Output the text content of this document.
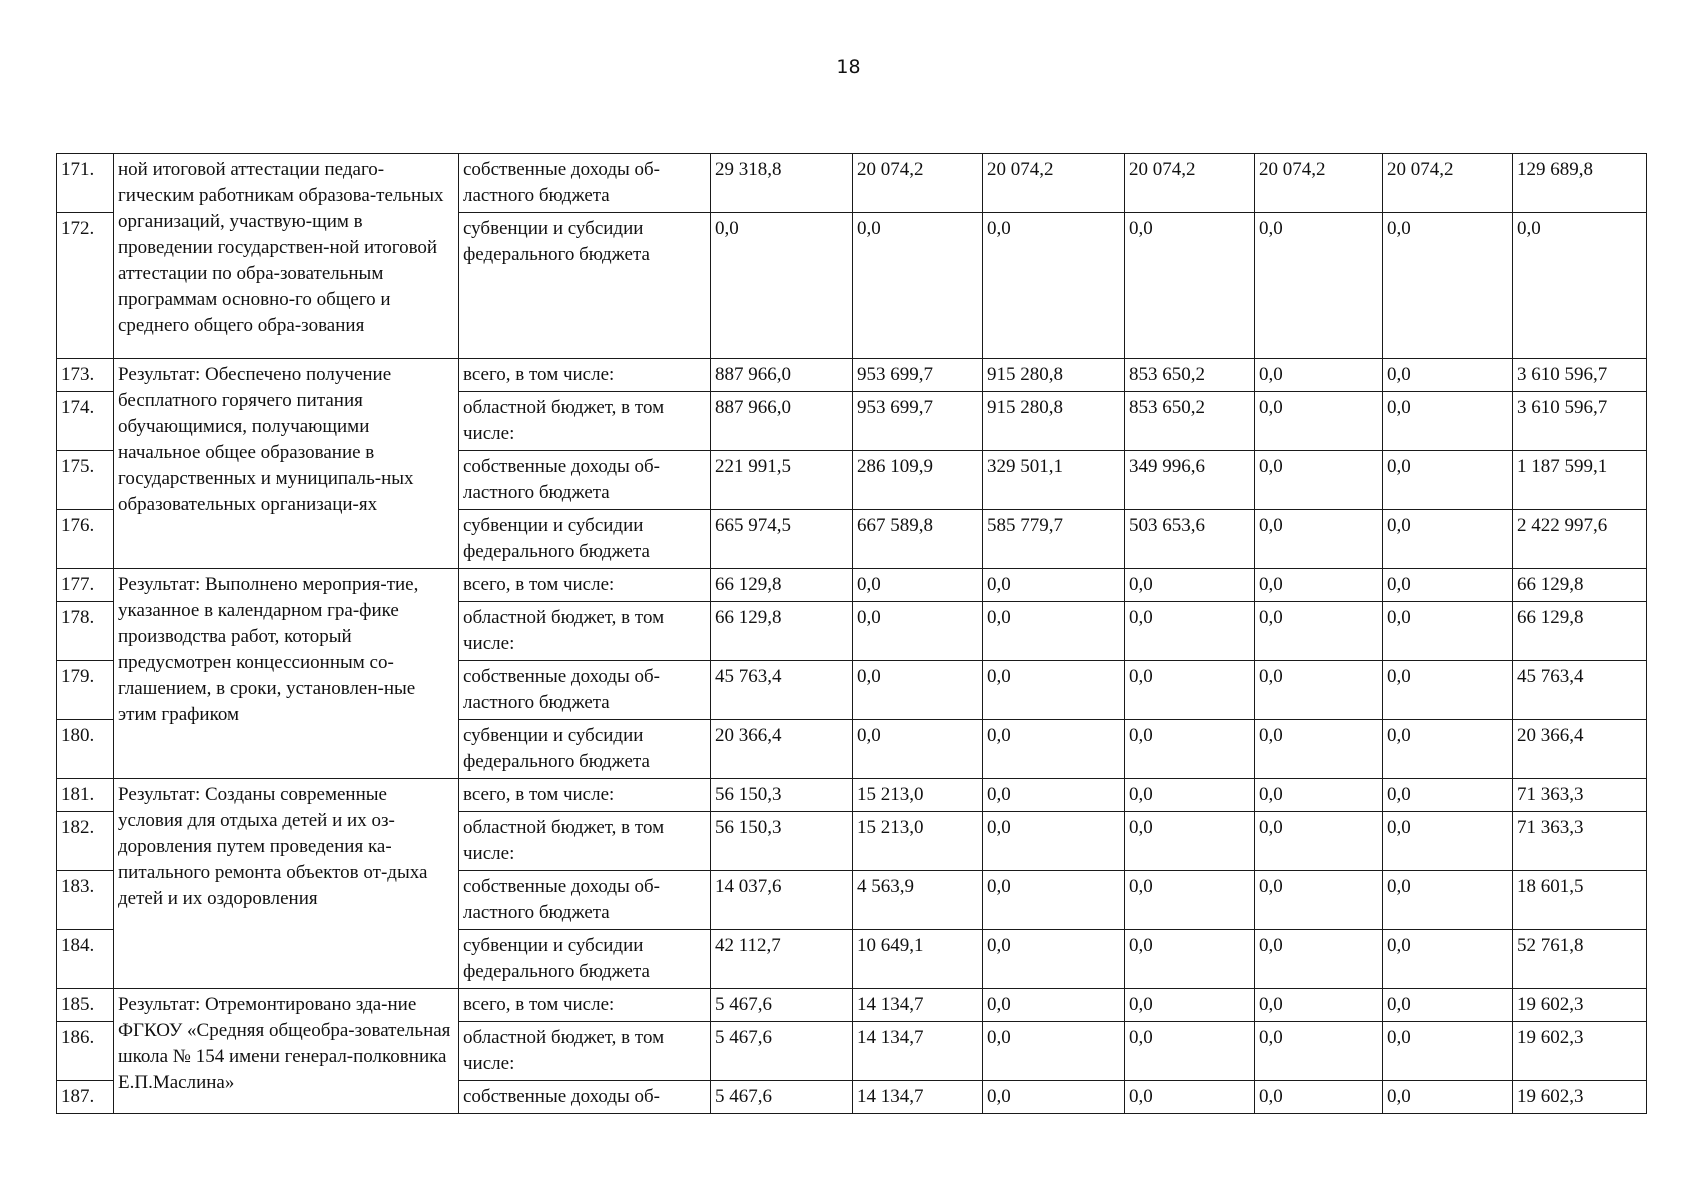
18
171.	ной итоговой аттестации педаго-гическим работникам образова-тельных организаций, участвую-щим в проведении государствен-ной итоговой аттестации по обра-зовательным программам основно-го общего и среднего общего обра-зования	собственные доходы об-ластного бюджета	29 318,8	20 074,2	20 074,2	20 074,2	20 074,2	20 074,2	129 689,8
172.		субвенции и субсидии федерального бюджета	0,0	0,0	0,0	0,0	0,0	0,0	0,0
173.	Результат: Обеспечено получение бесплатного горячего питания обучающимися, получающими начальное общее образование в государственных и муниципаль-ных образовательных организаци-ях	всего, в том числе:	887 966,0	953 699,7	915 280,8	853 650,2	0,0	0,0	3 610 596,7
174.		областной бюджет, в том числе:	887 966,0	953 699,7	915 280,8	853 650,2	0,0	0,0	3 610 596,7
175.		собственные доходы об-ластного бюджета	221 991,5	286 109,9	329 501,1	349 996,6	0,0	0,0	1 187 599,1
176.		субвенции и субсидии федерального бюджета	665 974,5	667 589,8	585 779,7	503 653,6	0,0	0,0	2 422 997,6
177.	Результат: Выполнено мероприя-тие, указанное в календарном гра-фике производства работ, который предусмотрен концессионным со-глашением, в сроки, установлен-ные этим графиком	всего, в том числе:	66 129,8	0,0	0,0	0,0	0,0	0,0	66 129,8
178.		областной бюджет, в том числе:	66 129,8	0,0	0,0	0,0	0,0	0,0	66 129,8
179.		собственные доходы об-ластного бюджета	45 763,4	0,0	0,0	0,0	0,0	0,0	45 763,4
180.		субвенции и субсидии федерального бюджета	20 366,4	0,0	0,0	0,0	0,0	0,0	20 366,4
181.	Результат: Созданы современные условия для отдыха детей и их оз-доровления путем проведения ка-питального ремонта объектов от-дыха детей и их оздоровления	всего, в том числе:	56 150,3	15 213,0	0,0	0,0	0,0	0,0	71 363,3
182.		областной бюджет, в том числе:	56 150,3	15 213,0	0,0	0,0	0,0	0,0	71 363,3
183.		собственные доходы об-ластного бюджета	14 037,6	4 563,9	0,0	0,0	0,0	0,0	18 601,5
184.		субвенции и субсидии федерального бюджета	42 112,7	10 649,1	0,0	0,0	0,0	0,0	52 761,8
185.	Результат: Отремонтировано зда-ние ФГКОУ «Средняя общеобра-зовательная школа № 154 имени генерал-полковника Е.П.Маслина»	всего, в том числе:	5 467,6	14 134,7	0,0	0,0	0,0	0,0	19 602,3
186.		областной бюджет, в том числе:	5 467,6	14 134,7	0,0	0,0	0,0	0,0	19 602,3
187.		собственные доходы об-	5 467,6	14 134,7	0,0	0,0	0,0	0,0	19 602,3
